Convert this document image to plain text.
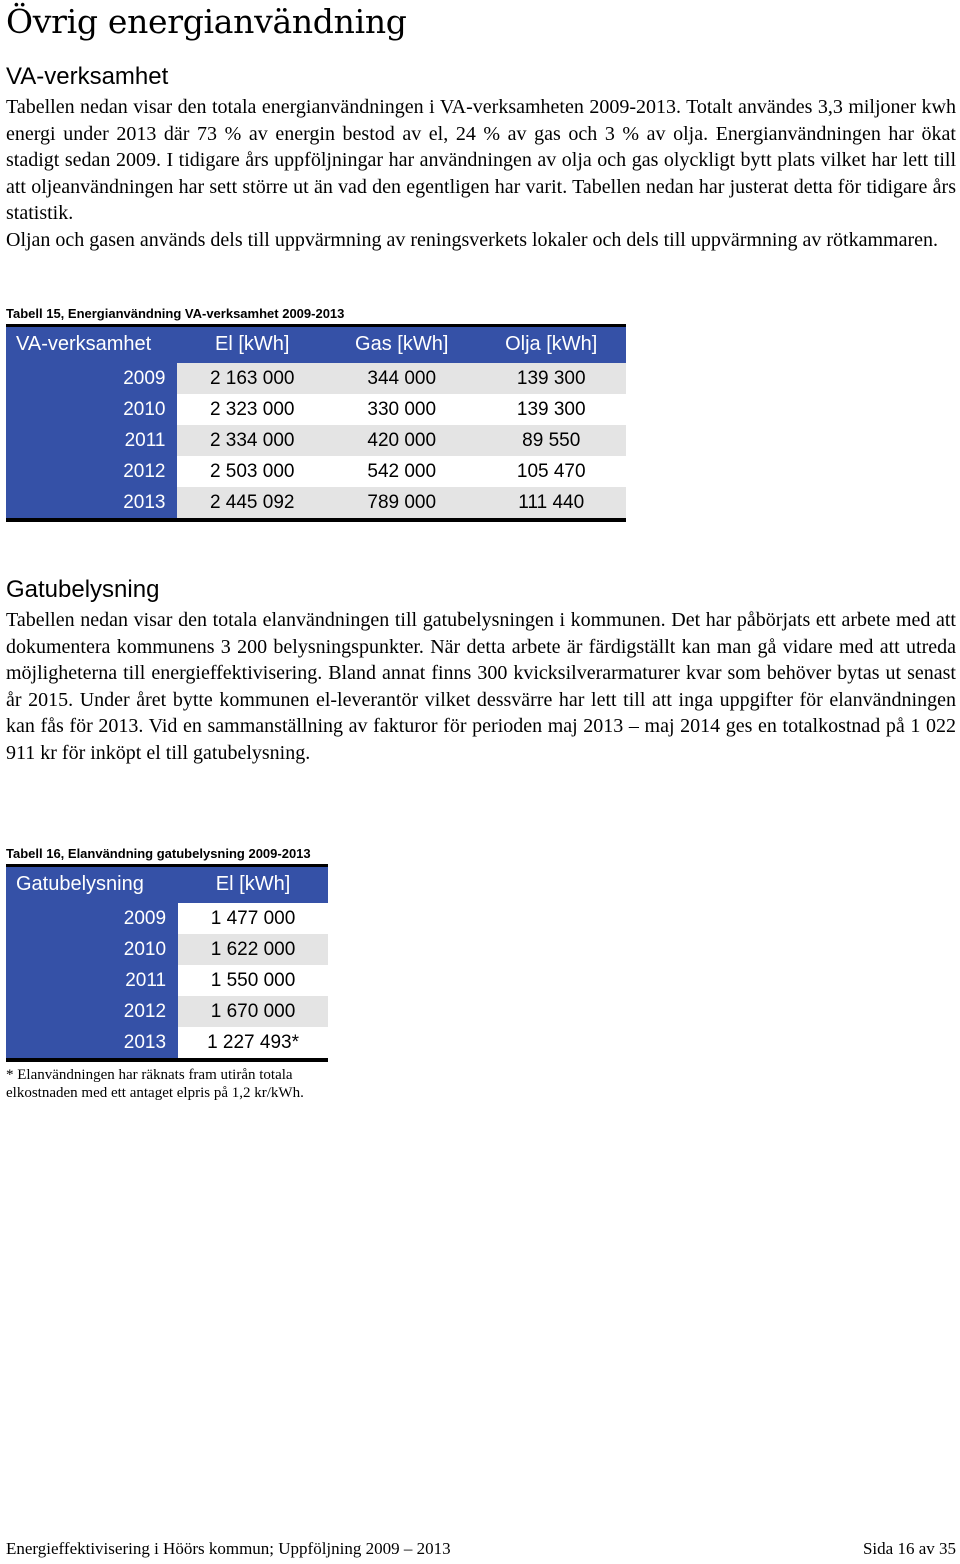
Övrig energianvändning
VA-verksamhet

Tabellen nedan visar den totala energianvändningen i VA-verksamheten 2009-2013. Totalt användes 3,3 miljoner kwh energi under 2013 där 73 % av energin bestod av el, 24 % av gas och 3 % av olja. Energianvändningen har ökat stadigt sedan 2009. I tidigare års uppföljningar har användningen av olja och gas olyckligt bytt plats vilket har lett till att oljeanvändningen har sett större ut än vad den egentligen har varit. Tabellen nedan har justerat detta för tidigare års statistik.

Oljan och gasen används dels till uppvärmning av reningsverkets lokaler och dels till uppvärmning av rötkammaren.

Tabell 15, Energianvändning VA-verksamhet 2009-2013
VA-verksamhet	El [kWh]	Gas [kWh]	Olja [kWh]

2009	2 163 000	344 000	139 300
2010	2 323 000	330 000	139 300
2011	2 334 000	420 000	89 550
2012	2 503 000	542 000	105 470
2013	2 445 092	789 000	111 440
Gatubelysning

Tabellen nedan visar den totala elanvändningen till gatubelysningen i kommunen. Det har påbörjats ett arbete med att dokumentera kommunens 3 200 belysningspunkter. När detta arbete är färdigställt kan man gå vidare med att utreda möjligheterna till energieffektivisering. Bland annat finns 300 kvicksilverarmaturer kvar som behöver bytas ut senast år 2015. Under året bytte kommunen el-leverantör vilket dessvärre har lett till att inga uppgifter för elanvändningen kan fås för 2013. Vid en sammanställning av fakturor för perioden maj 2013 – maj 2014 ges en totalkostnad på 1 022 911 kr för inköpt el till gatubelysning.

Tabell 16, Elanvändning gatubelysning 2009-2013
Gatubelysning	El [kWh]

2009	1 477 000
2010	1 622 000
2011	1 550 000
2012	1 670 000
2013	1 227 493*
* Elanvändningen har räknats fram utirån totala
elkostnaden med ett antaget elpris på 1,2 kr/kWh.
Energieffektivisering i Höörs kommun; Uppföljning 2009 – 2013	Sida 16 av 35
